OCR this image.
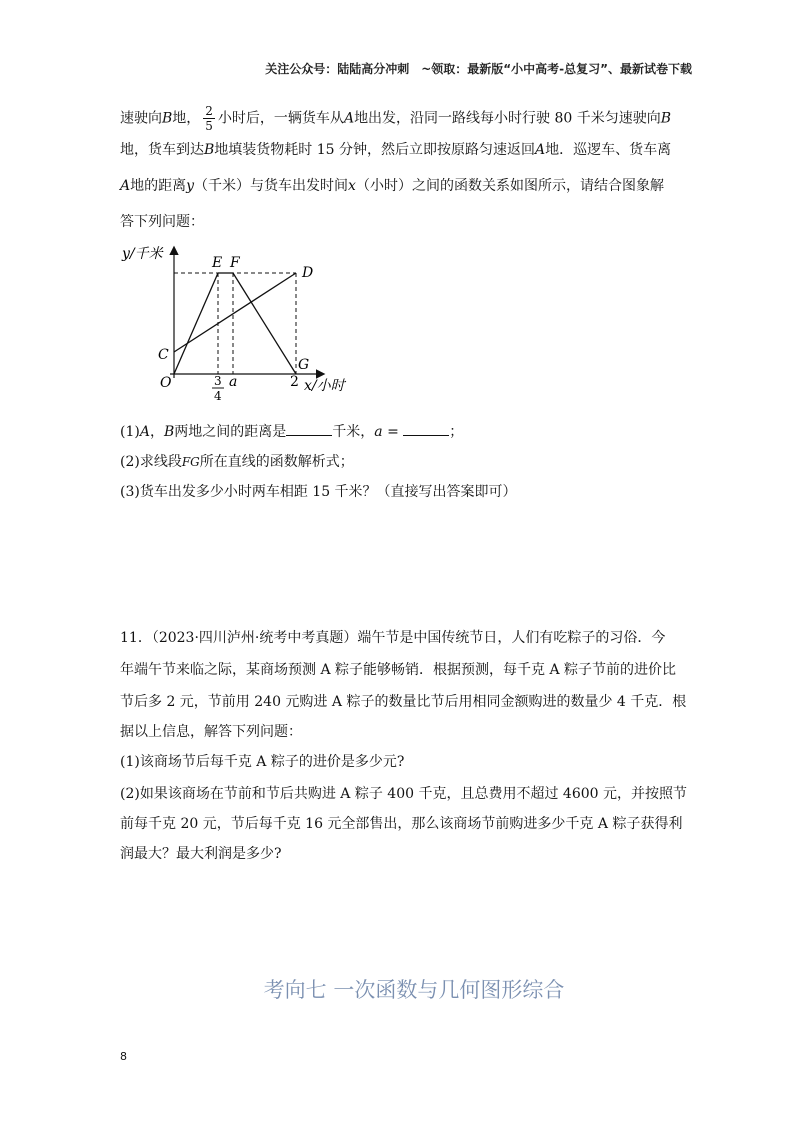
关注公众号：陆陆高分冲刺　~领取：最新版“小中高考-总复习”、最新试卷下载
速驶向B地， $\frac{2}{5}$ 小时后，一辆货车从A地出发，沿同一路线每小时行驶 80 千米匀速驶向B
地，货车到达B地填装货物耗时 15 分钟，然后立即按原路匀速返回A地．巡逻车、货车离
A地的距离y（千米）与货车出发时间x（小时）之间的函数关系如图所示，请结合图象解
答下列问题：
y/千米
x/小时
E F
D
C
G
O	3
4
a	2
(1)A，B两地之间的距离是	千米，a =	；
(2)求线段FG所在直线的函数解析式；
(3)货车出发多少小时两车相距 15 千米？（直接写出答案即可）
11．（2023·四川泸州·统考中考真题）端午节是中国传统节日，人们有吃粽子的习俗．今
年端午节来临之际，某商场预测 A 粽子能够畅销．根据预测，每千克 A 粽子节前的进价比
节后多 2 元，节前用 240 元购进 A 粽子的数量比节后用相同金额购进的数量少 4 千克．根
据以上信息，解答下列问题：
(1)该商场节后每千克 A 粽子的进价是多少元?
(2)如果该商场在节前和节后共购进 A 粽子 400 千克，且总费用不超过 4600 元，并按照节
前每千克 20 元，节后每千克 16 元全部售出，那么该商场节前购进多少千克 A 粽子获得利
润最大？最大利润是多少?
考向七 一次函数与几何图形综合
8
